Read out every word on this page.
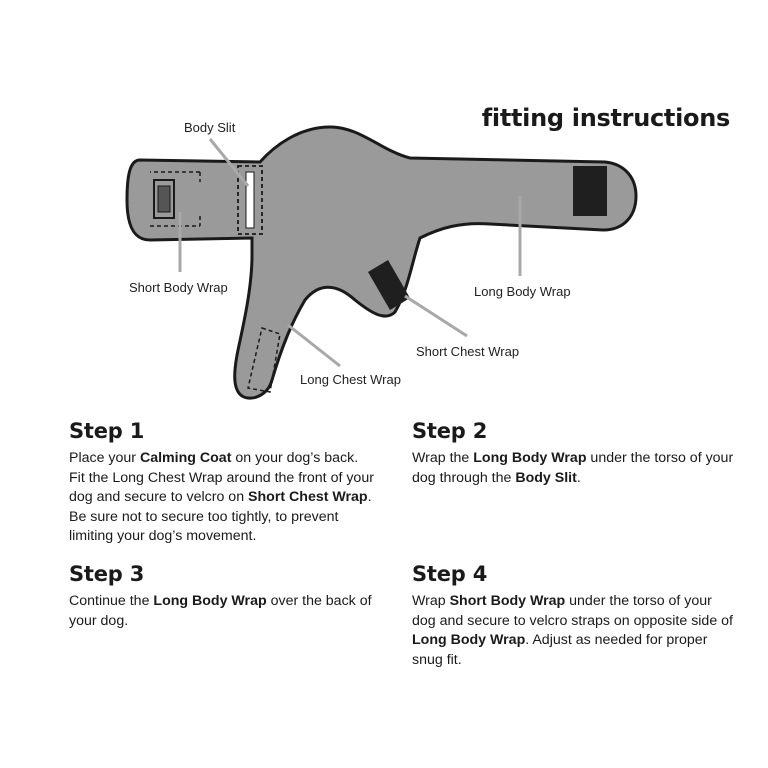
fitting instructions
Body Slit
Short Body Wrap	Long Body Wrap
Short Chest Wrap
Long Chest Wrap
Step 1

Place your Calming Coat on your dog’s back. Fit the Long Chest Wrap around the front of your dog and secure to velcro on Short Chest Wrap. Be sure not to secure too tightly, to prevent limiting your dog’s movement.

Step 2

Wrap the Long Body Wrap under the torso of your dog through the Body Slit.

Step 3

Continue the Long Body Wrap over the back of your dog.

Step 4

Wrap Short Body Wrap under the torso of your dog and secure to velcro straps on opposite side of Long Body Wrap. Adjust as needed for proper snug fit.
